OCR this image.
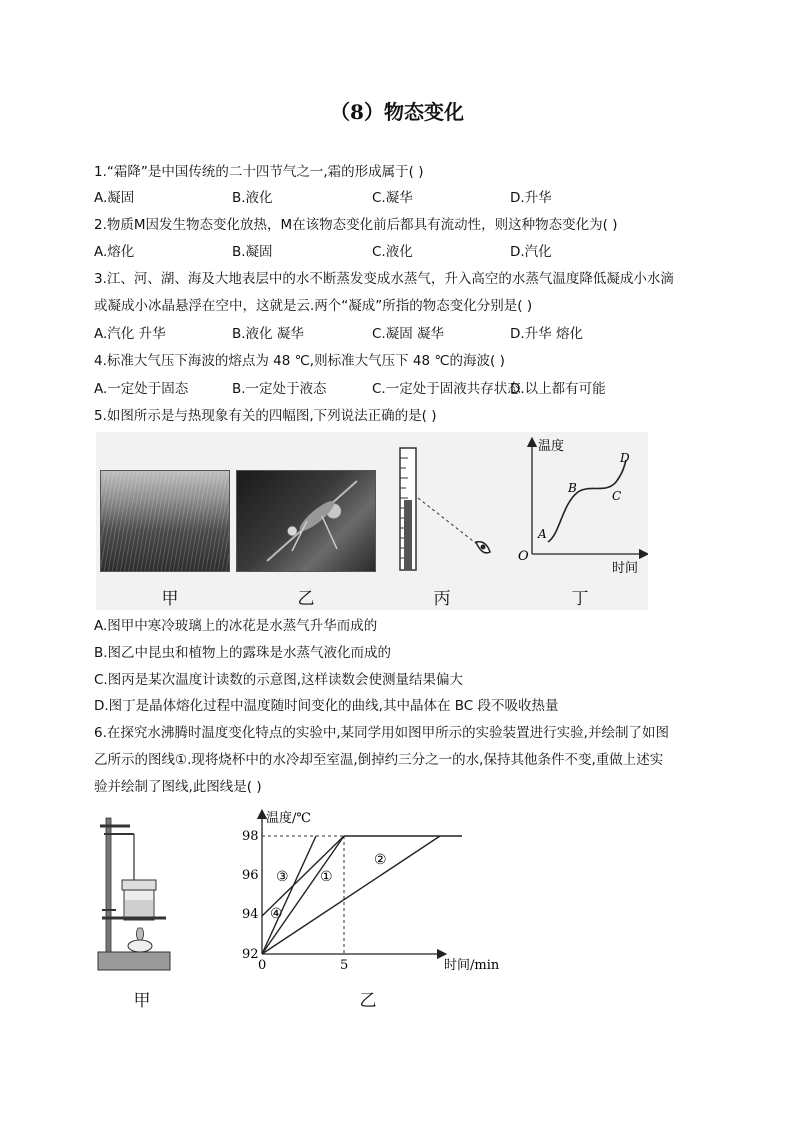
（8）物态变化
1.“霜降”是中国传统的二十四节气之一,霜的形成属于( )
A.凝固	B.液化	C.凝华	D.升华
2.物质M因发生物态变化放热，M在该物态变化前后都具有流动性，则这种物态变化为( )
A.熔化	B.凝固	C.液化	D.汽化
3.江、河、湖、海及大地表层中的水不断蒸发变成水蒸气，升入高空的水蒸气温度降低凝成小水滴
或凝成小冰晶悬浮在空中，这就是云.两个“凝成”所指的物态变化分别是( )
A.汽化 升华	B.液化 凝华	C.凝固 凝华	D.升华 熔化
4.标准大气压下海波的熔点为 48 ℃,则标准大气压下 48 ℃的海波( )
A.一定处于固态	B.一定处于液态	C.一定处于固液共存状态
D.以上都有可能
5.如图所示是与热现象有关的四幅图,下列说法正确的是( )
温度
时间
O
A
B
C
D
甲	乙	丙	丁
A.图甲中寒冷玻璃上的冰花是水蒸气升华而成的
B.图乙中昆虫和植物上的露珠是水蒸气液化而成的
C.图丙是某次温度计读数的示意图,这样读数会使测量结果偏大
D.图丁是晶体熔化过程中温度随时间变化的曲线,其中晶体在 BC 段不吸收热量
6.在探究水沸腾时温度变化特点的实验中,某同学用如图甲所示的实验装置进行实验,并绘制了如图
乙所示的图线①.现将烧杯中的水冷却至室温,倒掉约三分之一的水,保持其他条件不变,重做上述实
验并绘制了图线,此图线是( )
温度/℃
时间/min
98
96
94
92
0	5
③ ①
②
④
甲	乙
